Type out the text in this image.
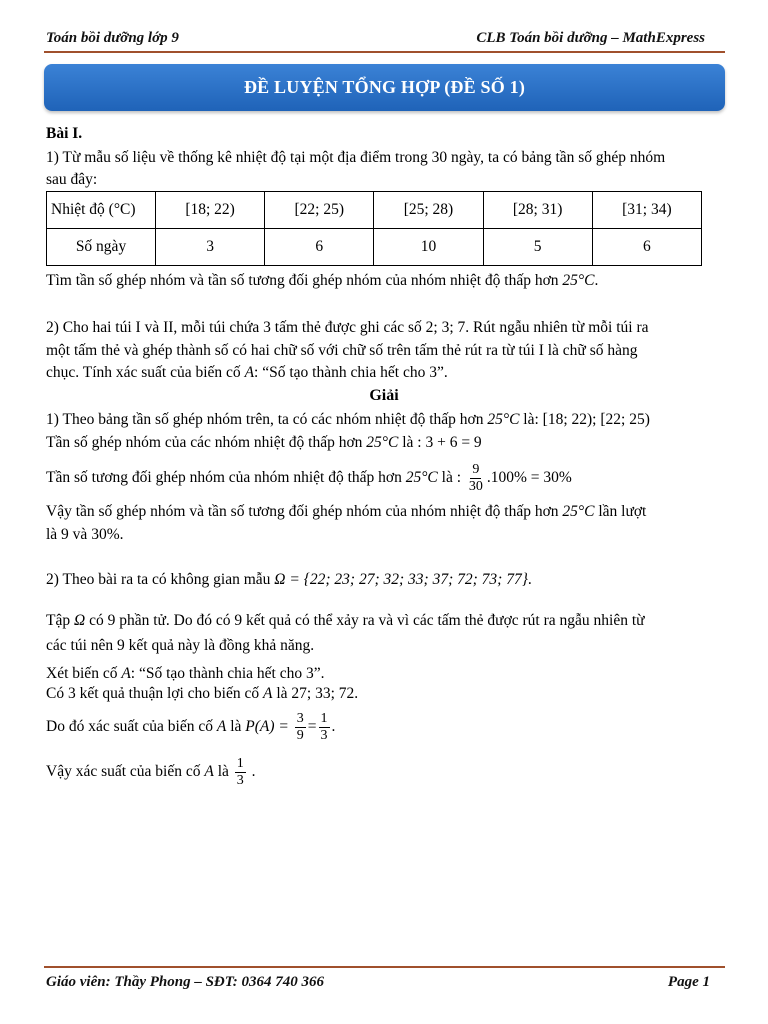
Toán bồi dưỡng lớp 9	CLB Toán bồi dưỡng – MathExpress
ĐỀ LUYỆN TỔNG HỢP (ĐỀ SỐ 1)
Bài I.
1) Từ mẫu số liệu về thống kê nhiệt độ tại một địa điểm trong 30 ngày, ta có bảng tần số ghép nhóm
sau đây:
Nhiệt độ (°C)	[18; 22)	[22; 25)	[25; 28)	[28; 31)	[31; 34)
Số ngày	3	6	10	5	6
Tìm tần số ghép nhóm và tần số tương đối ghép nhóm của nhóm nhiệt độ thấp hơn 25°C.
2) Cho hai túi I và II, mỗi túi chứa 3 tấm thẻ được ghi các số 2; 3; 7. Rút ngẫu nhiên từ mỗi túi ra
một tấm thẻ và ghép thành số có hai chữ số với chữ số trên tấm thẻ rút ra từ túi I là chữ số hàng
chục. Tính xác suất của biến cố A: “Số tạo thành chia hết cho 3”.
Giải
1) Theo bảng tần số ghép nhóm trên, ta có các nhóm nhiệt độ thấp hơn 25°C là: [18; 22); [22; 25)
Tần số ghép nhóm của các nhóm nhiệt độ thấp hơn 25°C là : 3 + 6 = 9
Tần số tương đối ghép nhóm của nhóm nhiệt độ thấp hơn 25°C là : $\frac{9}{30} .100\% = 30\%$
Vậy tần số ghép nhóm và tần số tương đối ghép nhóm của nhóm nhiệt độ thấp hơn 25°C lần lượt
là 9 và 30%.
2) Theo bài ra ta có không gian mẫu Ω = {22; 23; 27; 32; 33; 37; 72; 73; 77}.
Tập Ω có 9 phần tử. Do đó có 9 kết quả có thể xảy ra và vì các tấm thẻ được rút ra ngẫu nhiên từ
các túi nên 9 kết quả này là đồng khả năng.
Xét biến cố A: “Số tạo thành chia hết cho 3”.
Có 3 kết quả thuận lợi cho biến cố A là 27; 33; 72.
Do đó xác suất của biến cố A là $P(A) = \frac{3}{9} = \frac{1}{3}$ .
Vậy xác suất của biến cố A là $\frac{1}{3}$ .
Giáo viên: Thầy Phong – SĐT: 0364 740 366	Page 1
